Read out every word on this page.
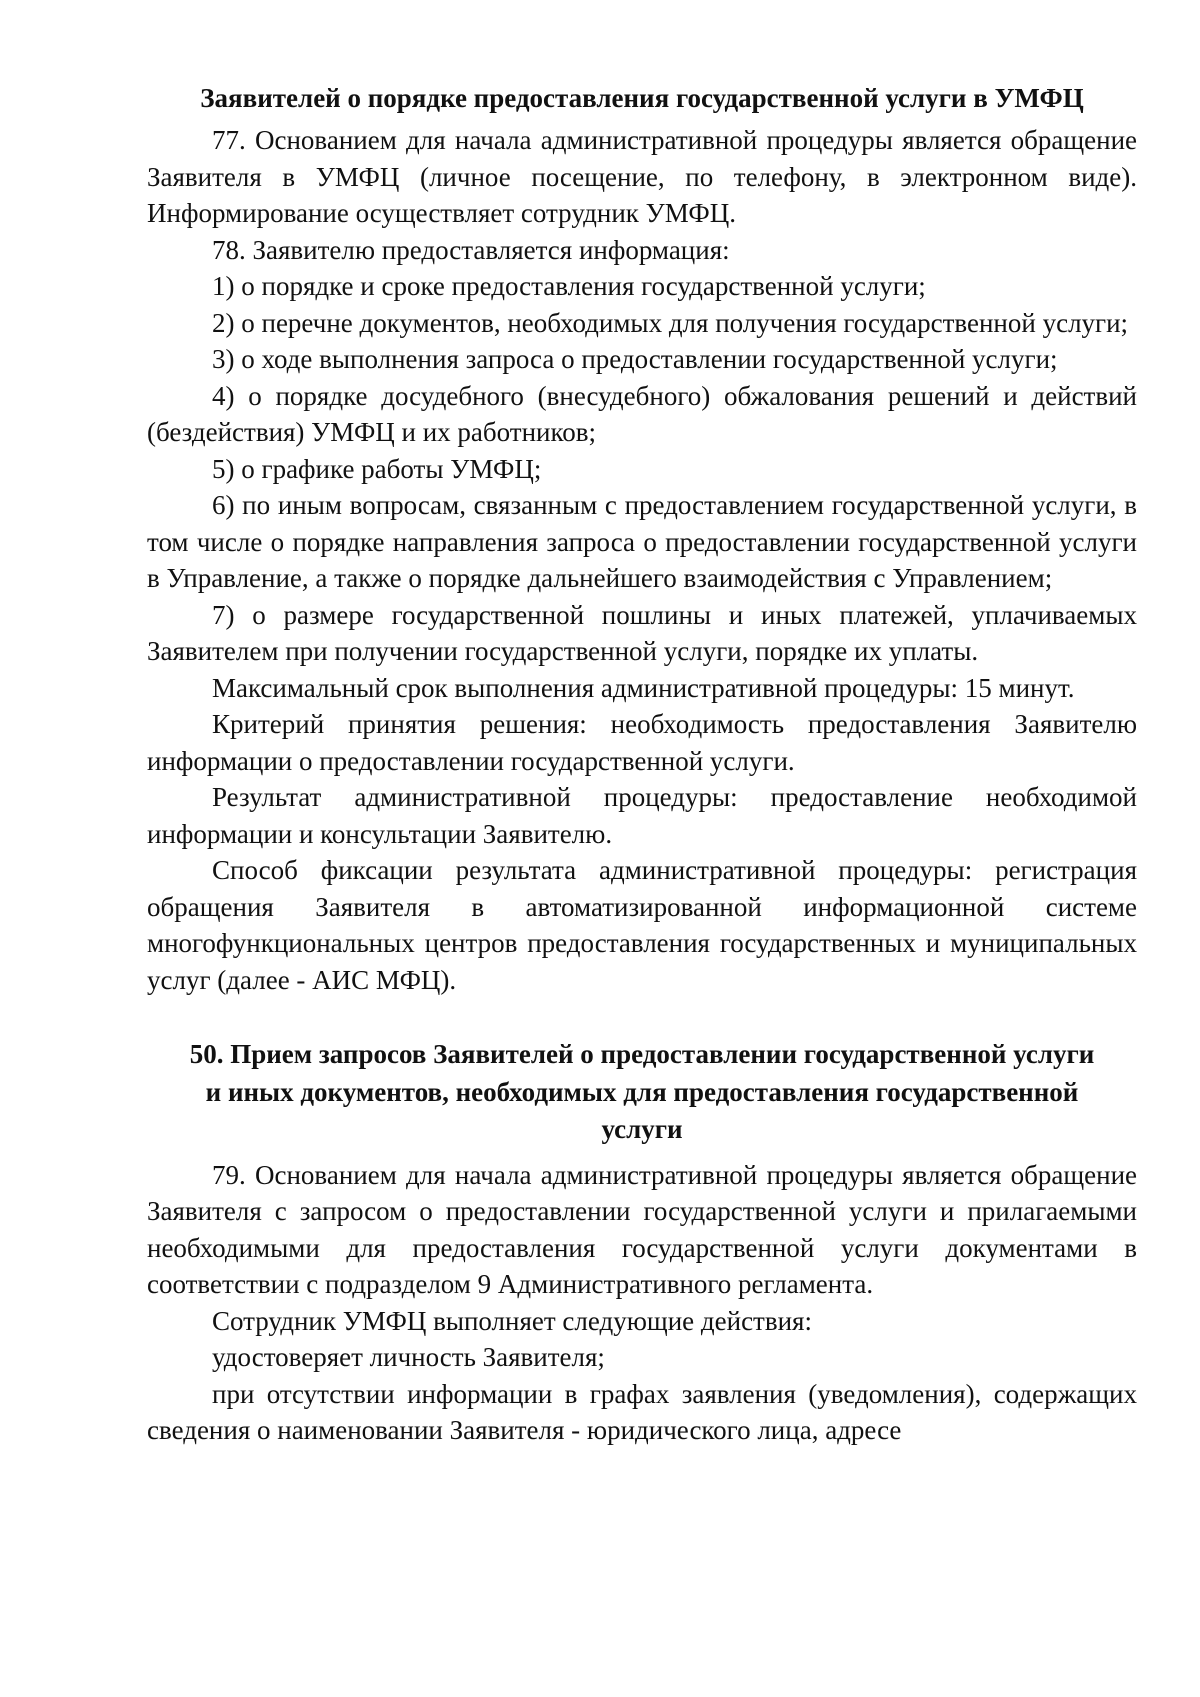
Заявителей о порядке предоставления государственной услуги в УМФЦ

77. Основанием для начала административной процедуры является обращение Заявителя в УМФЦ (личное посещение, по телефону, в электронном виде). Информирование осуществляет сотрудник УМФЦ.

78. Заявителю предоставляется информация:

1) о порядке и сроке предоставления государственной услуги;

2) о перечне документов, необходимых для получения государственной услуги;

3) о ходе выполнения запроса о предоставлении государственной услуги;

4) о порядке досудебного (внесудебного) обжалования решений и действий (бездействия) УМФЦ и их работников;

5) о графике работы УМФЦ;

6) по иным вопросам, связанным с предоставлением государственной услуги, в том числе о порядке направления запроса о предоставлении государственной услуги в Управление, а также о порядке дальнейшего взаимодействия с Управлением;

7) о размере государственной пошлины и иных платежей, уплачиваемых Заявителем при получении государственной услуги, порядке их уплаты.

Максимальный срок выполнения административной процедуры: 15 минут.

Критерий принятия решения: необходимость предоставления Заявителю информации о предоставлении государственной услуги.

Результат административной процедуры: предоставление необходимой информации и консультации Заявителю.

Способ фиксации результата административной процедуры: регистрация обращения Заявителя в автоматизированной информационной системе многофункциональных центров предоставления государственных и муниципальных услуг (далее - АИС МФЦ).

50. Прием запросов Заявителей о предоставлении государственной услуги и иных документов, необходимых для предоставления государственной услуги

79. Основанием для начала административной процедуры является обращение Заявителя с запросом о предоставлении государственной услуги и прилагаемыми необходимыми для предоставления государственной услуги документами в соответствии с подразделом 9 Административного регламента.

Сотрудник УМФЦ выполняет следующие действия:

удостоверяет личность Заявителя;

при отсутствии информации в графах заявления (уведомления), содержащих сведения о наименовании Заявителя - юридического лица, адресе
